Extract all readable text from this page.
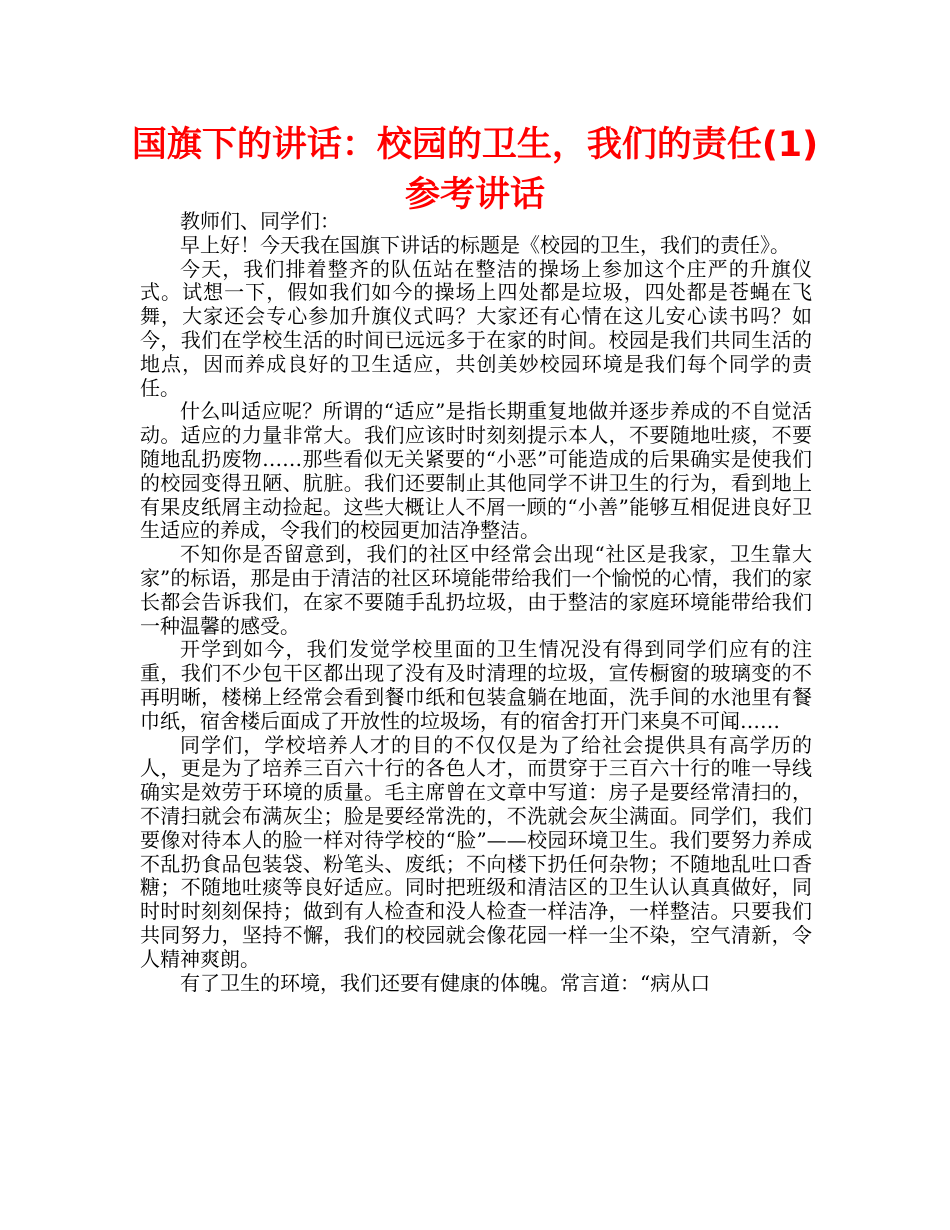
国旗下的讲话：校园的卫生，我们的责任(1)参考讲话

教师们、同学们：

早上好！今天我在国旗下讲话的标题是《校园的卫生，我们的责任》。

今天，我们排着整齐的队伍站在整洁的操场上参加这个庄严的升旗仪式。试想一下，假如我们如今的操场上四处都是垃圾，四处都是苍蝇在飞舞，大家还会专心参加升旗仪式吗？大家还有心情在这儿安心读书吗？如今，我们在学校生活的时间已远远多于在家的时间。校园是我们共同生活的地点，因而养成良好的卫生适应，共创美妙校园环境是我们每个同学的责任。

什么叫适应呢？所谓的“适应”是指长期重复地做并逐步养成的不自觉活动。适应的力量非常大。我们应该时时刻刻提示本人，不要随地吐痰，不要随地乱扔废物……那些看似无关紧要的“小恶”可能造成的后果确实是使我们的校园变得丑陋、肮脏。我们还要制止其他同学不讲卫生的行为，看到地上有果皮纸屑主动捡起。这些大概让人不屑一顾的“小善”能够互相促进良好卫生适应的养成，令我们的校园更加洁净整洁。

不知你是否留意到，我们的社区中经常会出现“社区是我家，卫生靠大家”的标语，那是由于清洁的社区环境能带给我们一个愉悦的心情，我们的家长都会告诉我们，在家不要随手乱扔垃圾，由于整洁的家庭环境能带给我们一种温馨的感受。

开学到如今，我们发觉学校里面的卫生情况没有得到同学们应有的注重，我们不少包干区都出现了没有及时清理的垃圾，宣传橱窗的玻璃变的不再明晰，楼梯上经常会看到餐巾纸和包装盒躺在地面，洗手间的水池里有餐巾纸，宿舍楼后面成了开放性的垃圾场，有的宿舍打开门来臭不可闻……

同学们，学校培养人才的目的不仅仅是为了给社会提供具有高学历的人，更是为了培养三百六十行的各色人才，而贯穿于三百六十行的唯一导线确实是效劳于环境的质量。毛主席曾在文章中写道：房子是要经常清扫的，不清扫就会布满灰尘；脸是要经常洗的，不洗就会灰尘满面。同学们，我们要像对待本人的脸一样对待学校的“脸”——校园环境卫生。我们要努力养成不乱扔食品包装袋、粉笔头、废纸；不向楼下扔任何杂物；不随地乱吐口香糖；不随地吐痰等良好适应。同时把班级和清洁区的卫生认认真真做好，同时时时刻刻保持；做到有人检查和没人检查一样洁净，一样整洁。只要我们共同努力，坚持不懈，我们的校园就会像花园一样一尘不染，空气清新，令人精神爽朗。

有了卫生的环境，我们还要有健康的体魄。常言道：“病从口
